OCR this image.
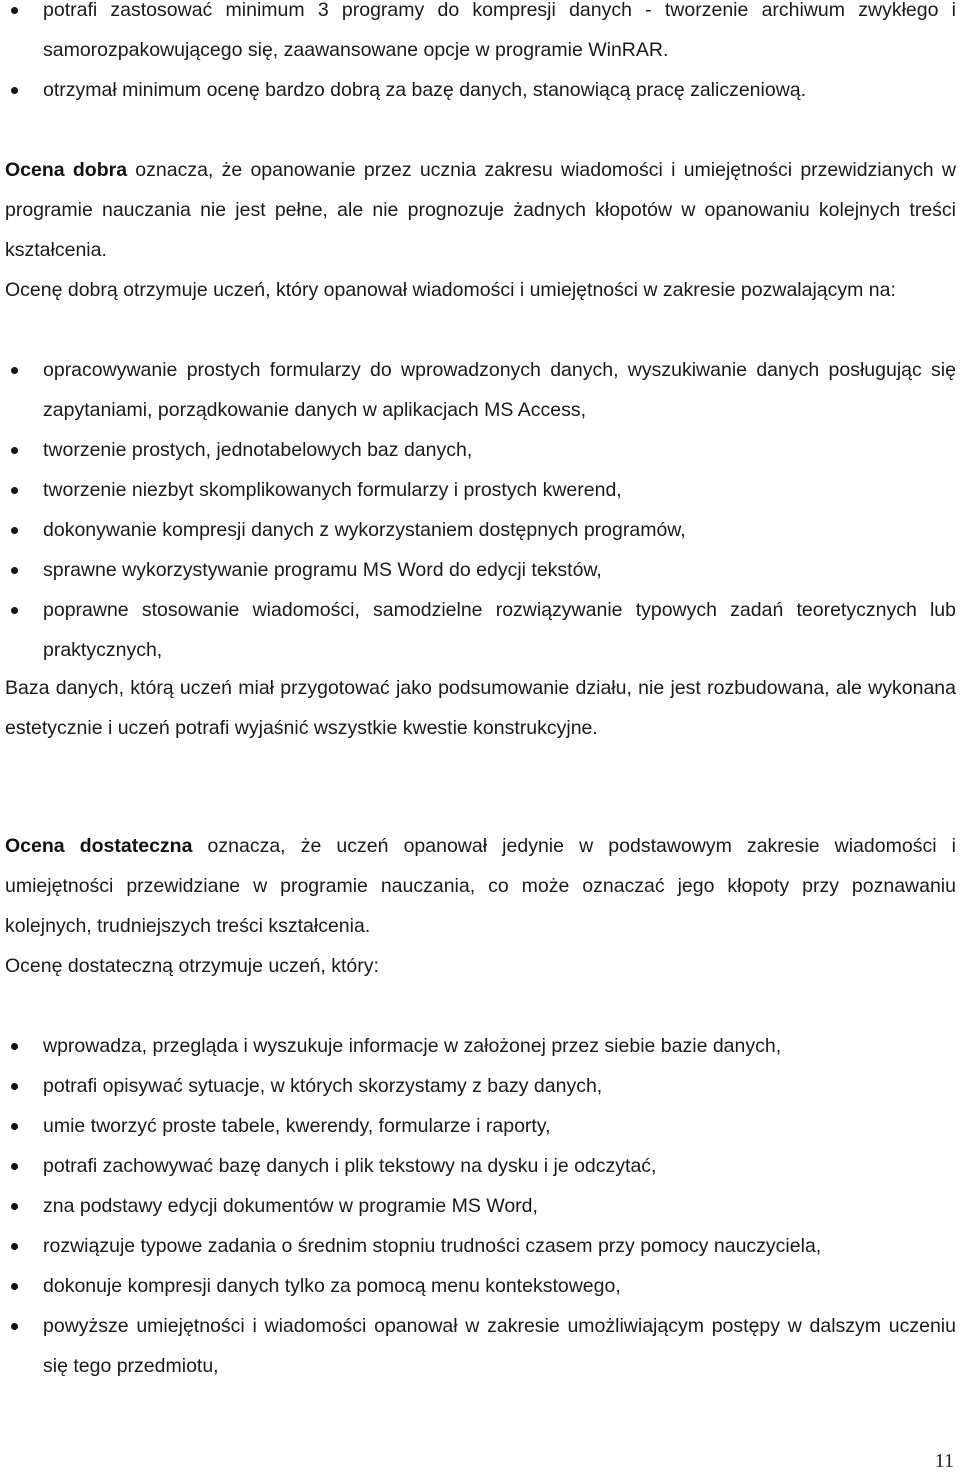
potrafi zastosować minimum 3 programy do kompresji danych - tworzenie archiwum zwykłego i samorozpakowującego się, zaawansowane opcje w programie WinRAR.
otrzymał minimum ocenę bardzo dobrą za bazę danych, stanowiącą pracę zaliczeniową.

Ocena dobra oznacza, że opanowanie przez ucznia zakresu wiadomości i umiejętności przewidzianych w programie nauczania nie jest pełne, ale nie prognozuje żadnych kłopotów w opanowaniu kolejnych treści kształcenia.

Ocenę dobrą otrzymuje uczeń, który opanował wiadomości i umiejętności w zakresie pozwalającym na:

opracowywanie prostych formularzy do wprowadzonych danych, wyszukiwanie danych posługując się zapytaniami, porządkowanie danych w aplikacjach MS Access,
tworzenie prostych, jednotabelowych baz danych,
tworzenie niezbyt skomplikowanych formularzy i prostych kwerend,
dokonywanie kompresji danych z wykorzystaniem dostępnych programów,
sprawne wykorzystywanie programu MS Word do edycji tekstów,
poprawne stosowanie wiadomości, samodzielne rozwiązywanie typowych zadań teoretycznych lub praktycznych,

Baza danych, którą uczeń miał przygotować jako podsumowanie działu, nie jest rozbudowana, ale wykonana estetycznie i uczeń potrafi wyjaśnić wszystkie kwestie konstrukcyjne.

Ocena dostateczna oznacza, że uczeń opanował jedynie w podstawowym zakresie wiadomości i umiejętności przewidziane w programie nauczania, co może oznaczać jego kłopoty przy poznawaniu kolejnych, trudniejszych treści kształcenia.

Ocenę dostateczną otrzymuje uczeń, który:

wprowadza, przegląda i wyszukuje informacje w założonej przez siebie bazie danych,
potrafi opisywać sytuacje, w których skorzystamy z bazy danych,
umie tworzyć proste tabele, kwerendy, formularze i raporty,
potrafi zachowywać bazę danych i plik tekstowy na dysku i je odczytać,
zna podstawy edycji dokumentów w programie MS Word,
rozwiązuje typowe zadania o średnim stopniu trudności czasem przy pomocy nauczyciela,
dokonuje kompresji danych tylko za pomocą menu kontekstowego,
powyższe umiejętności i wiadomości opanował w zakresie umożliwiającym postępy w dalszym uczeniu się tego przedmiotu,
11
